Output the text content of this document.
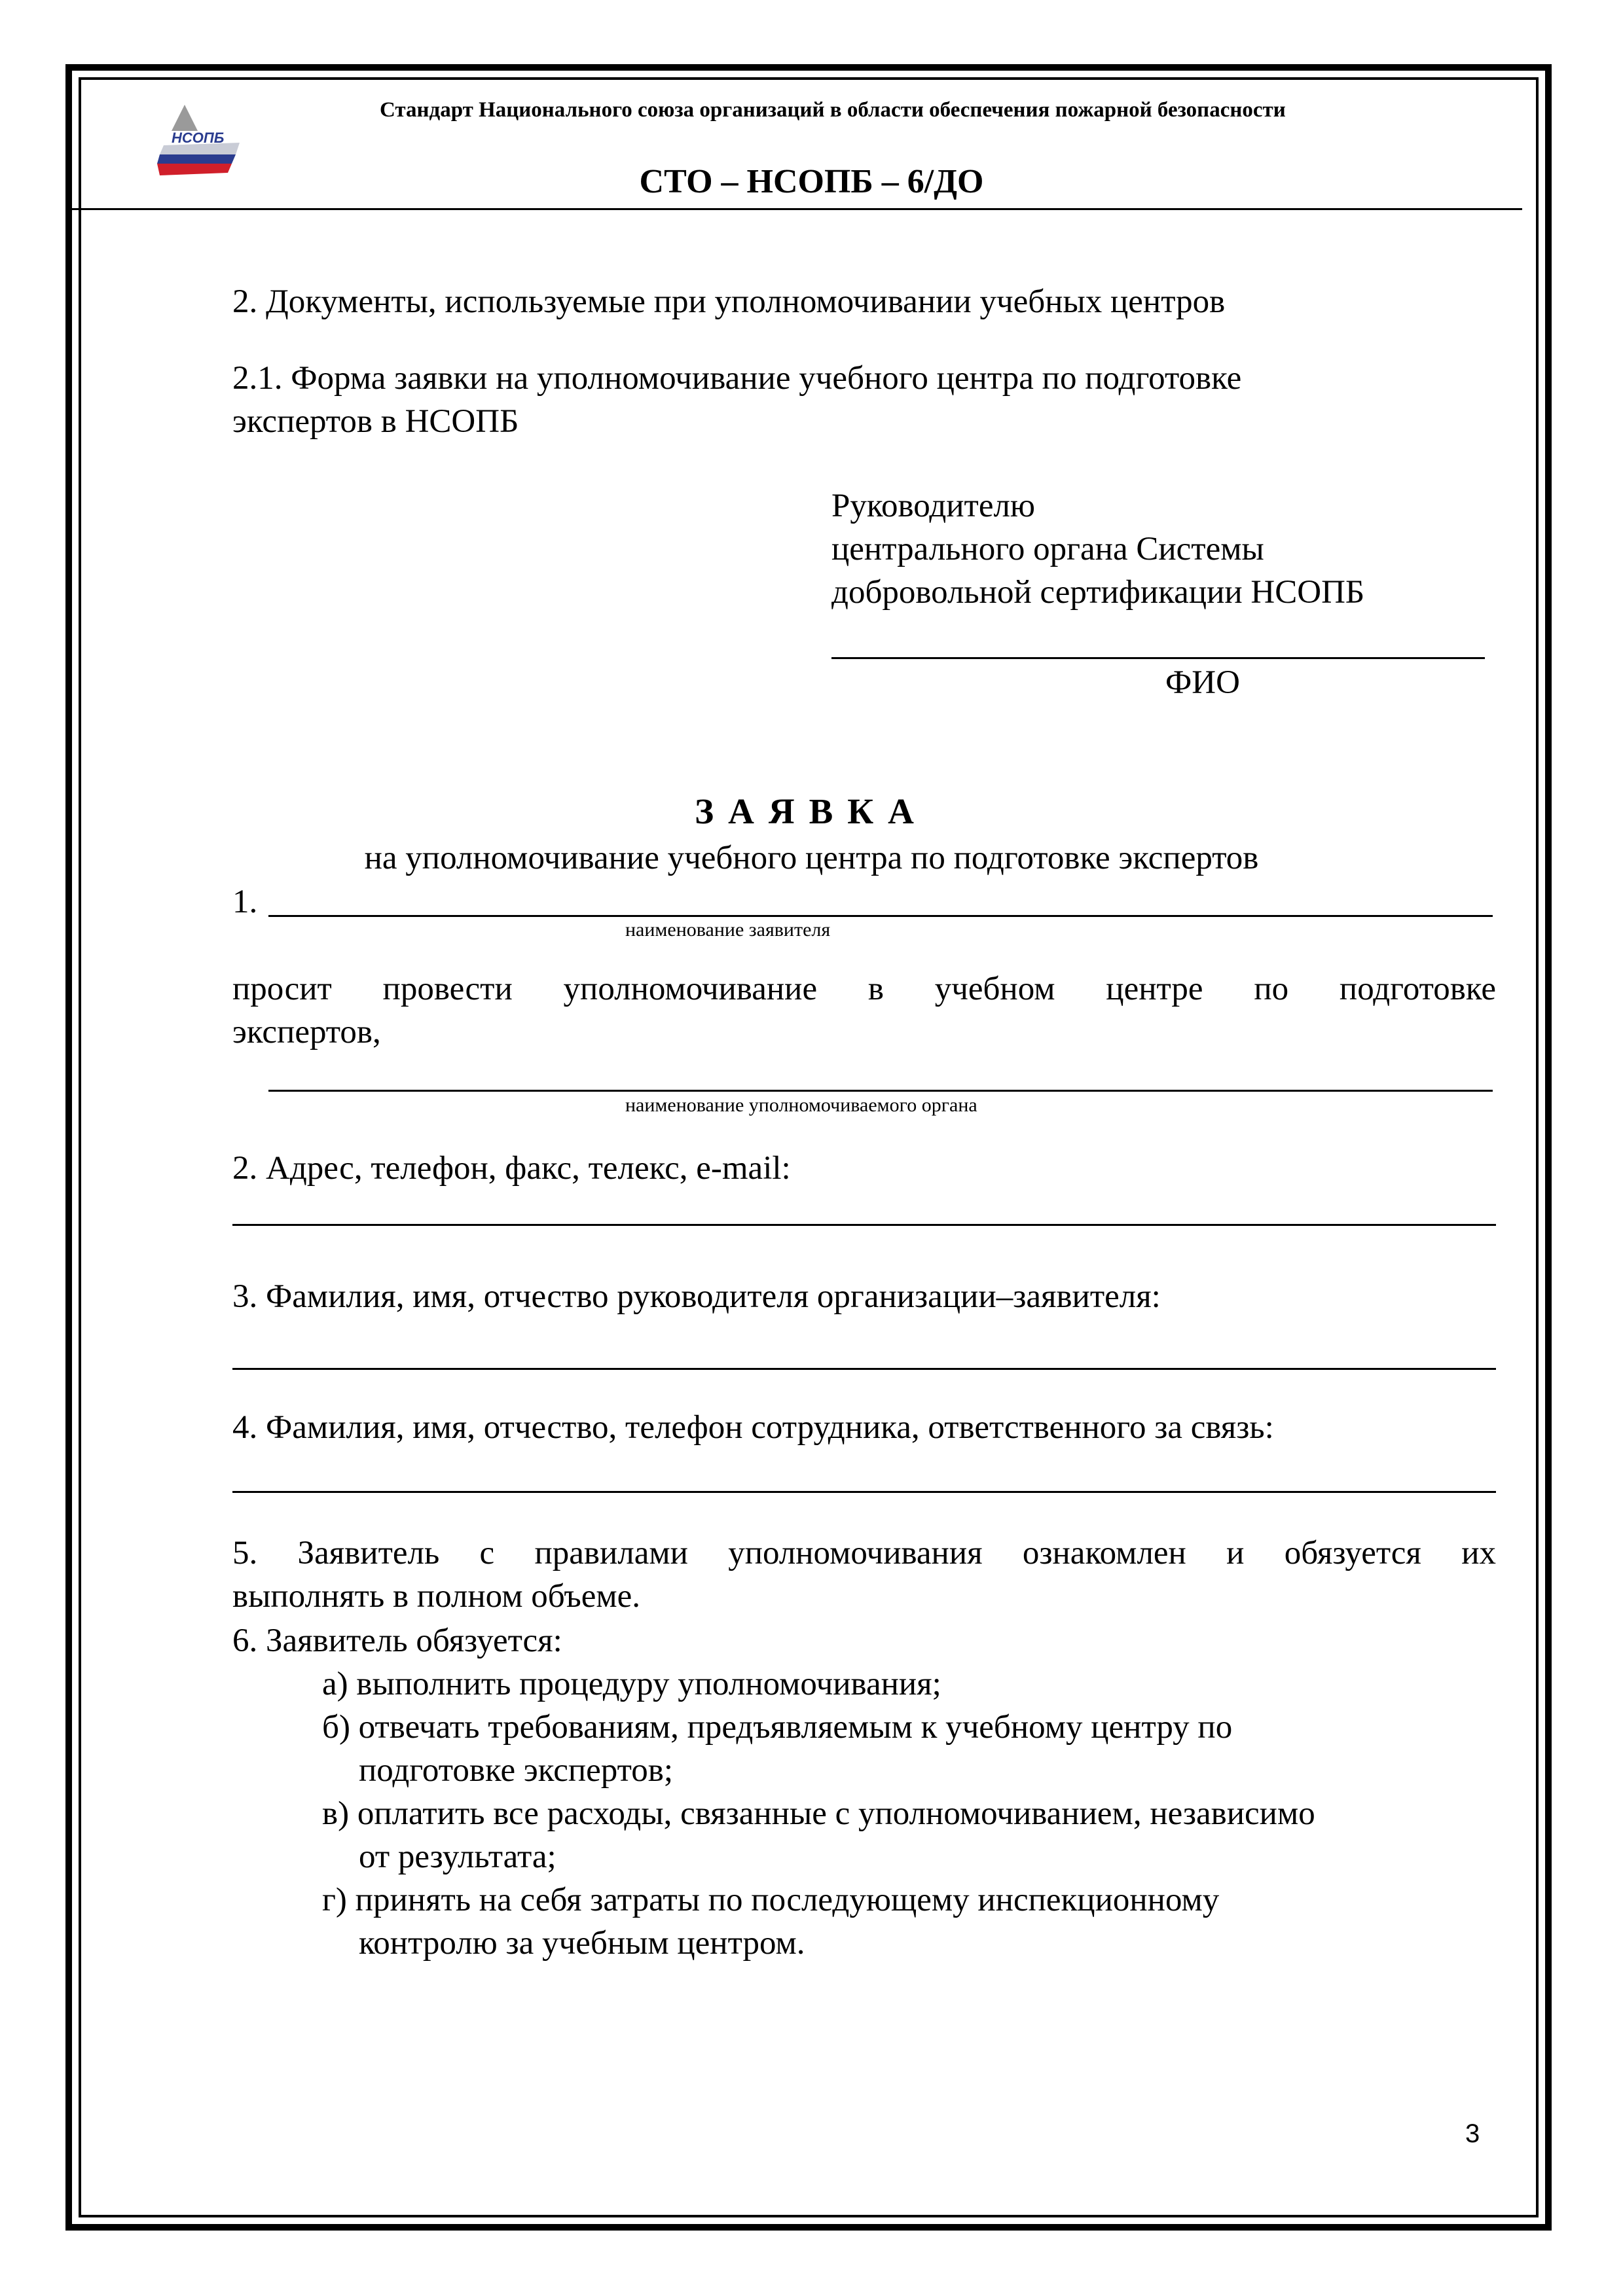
НСОПБ
Стандарт Национального союза организаций в области обеспечения пожарной безопасности
СТО – НСОПБ – 6/ДО
2. Документы, используемые при уполномочивании учебных центров
2.1. Форма заявки на уполномочивание учебного центра по подготовке
экспертов в НСОПБ
Руководителю
центрального органа Системы
добровольной сертификации НСОПБ
ФИО
ЗАЯВКА
на уполномочивание учебного центра по подготовке экспертов
1.
наименование заявителя
просит провести уполномочивание в учебном центре по подготовке
экспертов,
наименование уполномочиваемого органа
2. Адрес, телефон, факс, телекс, e-mail:
3. Фамилия, имя, отчество руководителя организации–заявителя:
4. Фамилия, имя, отчество, телефон сотрудника, ответственного за связь:
5. Заявитель с правилами уполномочивания ознакомлен и обязуется их
выполнять в полном объеме.
6. Заявитель обязуется:
а) выполнить процедуру уполномочивания;
б) отвечать требованиям, предъявляемым к учебному центру по
подготовке экспертов;
в) оплатить все расходы, связанные с уполномочиванием, независимо
от результата;
г) принять на себя затраты по последующему инспекционному
контролю за учебным центром.
3
